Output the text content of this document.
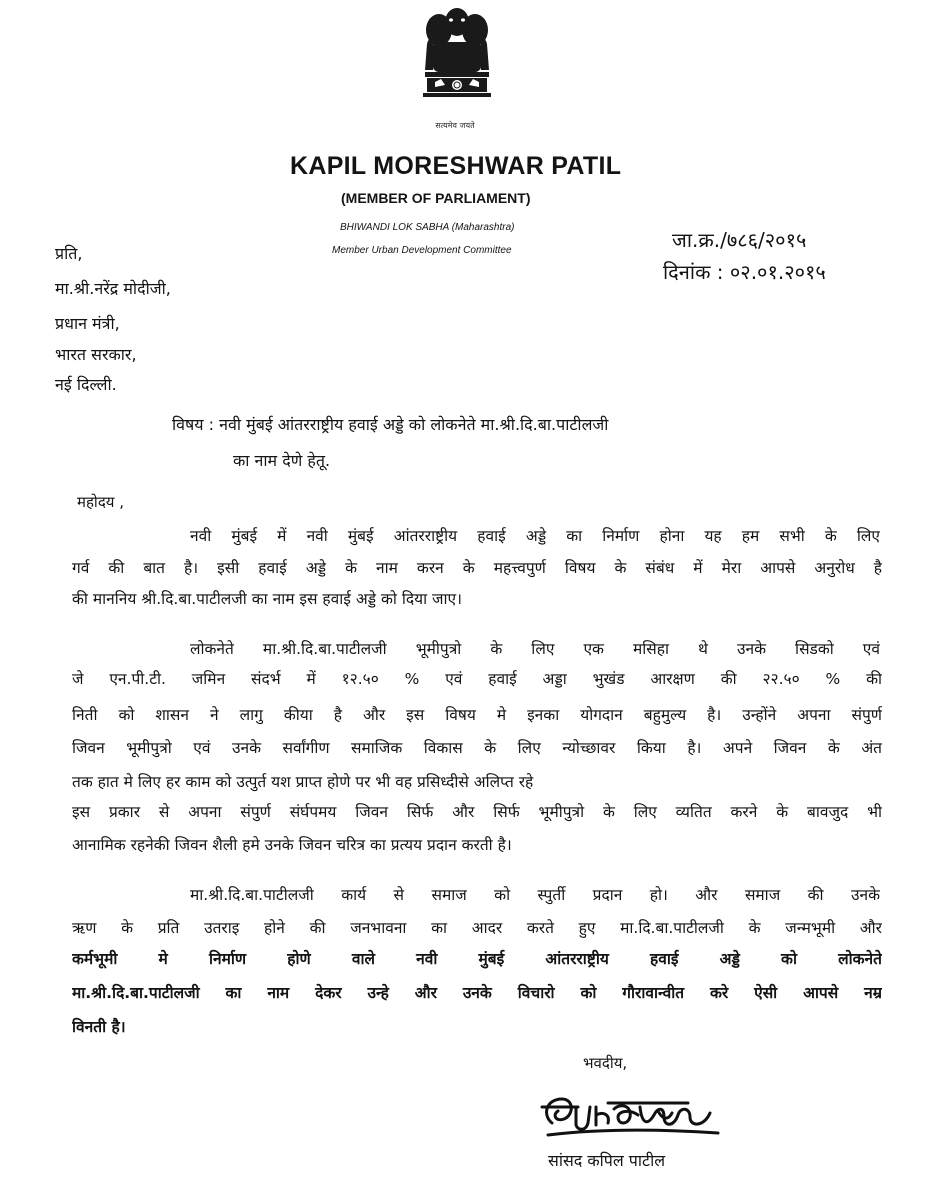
सत्यमेव जयते
KAPIL MORESHWAR PATIL
(MEMBER OF PARLIAMENT)
BHIWANDI LOK SABHA (Maharashtra)
Member Urban Development Committee	जा.क्र./७८६/२०१५
दिनांक : ०२.०१.२०१५
प्रति,
मा.श्री.नरेंद्र मोदीजी,
प्रधान मंत्री,
भारत सरकार,
नई दिल्ली.
विषय : नवी मुंबई आंतरराष्ट्रीय हवाई अड्डे को लोकनेते मा.श्री.दि.बा.पाटीलजी
का नाम देणे हेतू.
महोदय ,
नवी मुंबई में नवी मुंबई आंतरराष्ट्रीय हवाई अड्डे का निर्माण होना यह हम सभी के लिए
गर्व की बात है। इसी हवाई अड्डे के नाम करन के महत्त्वपुर्ण विषय के संबंध में मेरा आपसे अनुरोध है
की माननिय श्री.दि.बा.पाटीलजी का नाम इस हवाई अड्डे को दिया जाए।
लोकनेते मा.श्री.दि.बा.पाटीलजी भूमीपुत्रो के लिए एक मसिहा थे उनके सिडको एवं
जे एन.पी.टी. जमिन संदर्भ में १२.५० % एवं हवाई अड्डा भुखंड आरक्षण की २२.५० % की
निती को शासन ने लागु कीया है और इस विषय मे इनका योगदान बहुमुल्य है। उन्होंने अपना संपुर्ण
जिवन भूमीपुत्रो एवं उनके सर्वांगीण समाजिक विकास के लिए न्योच्छावर किया है। अपने जिवन के अंत
तक हात मे लिए हर काम को उत्पुर्त यश प्राप्त होणे पर भी वह प्रसिध्दीसे अलिप्त रहे
इस प्रकार से अपना संपुर्ण संर्घपमय जिवन सिर्फ और सिर्फ भूमीपुत्रो के लिए व्यतित करने के बावजुद भी
आनामिक रहनेकी जिवन शैली हमे उनके जिवन चरित्र का प्रत्यय प्रदान करती है।
मा.श्री.दि.बा.पाटीलजी कार्य से समाज को स्पुर्ती प्रदान हो। और समाज की उनके
ऋण के प्रति उतराइ होने की जनभावना का आदर करते हुए मा.दि.बा.पाटीलजी के जन्मभूमी और
कर्मभूमी मे निर्माण होणे वाले नवी मुंबई आंतरराष्ट्रीय हवाई अड्डे को लोकनेते
मा.श्री.दि.बा.पाटीलजी का नाम देकर उन्हे और उनके विचारो को गौरावान्वीत करे ऐसी आपसे नम्र
विनती है।
भवदीय,
सांसद कपिल पाटील
